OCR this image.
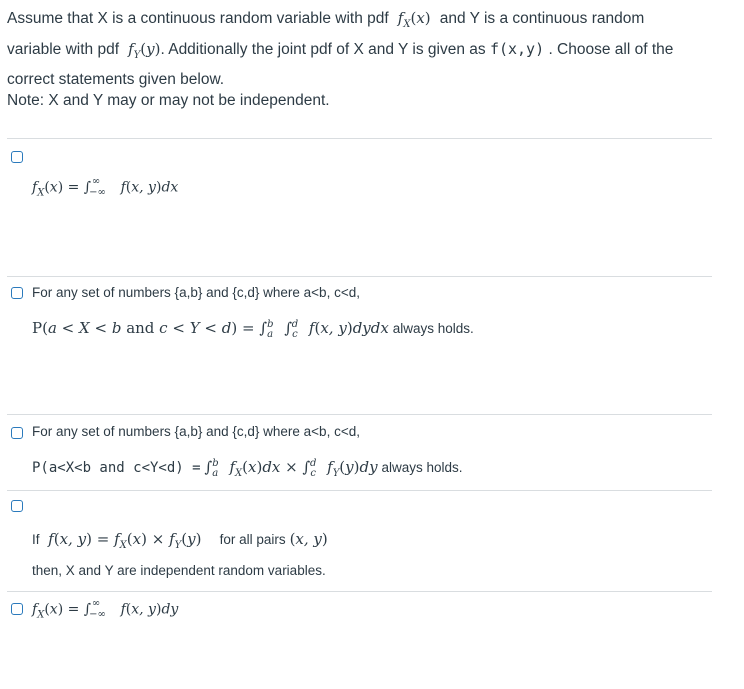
Assume that X is a continuous random variable with pdf  $f_X(x)$ and Y is a continuous random
variable with pdf  $f_Y(y)$. Additionally the joint pdf of X and Y is given as f(x,y) . Choose all of the
correct statements given below.
Note: X and Y may or may not be independent.
$f_X(x) = \int_{-\infty}^\infty$ f(x, y)dx
For any set of numbers {a,b} and {c,d} where a<b, c<d,
P(a < X < b and $c < Y < d) = \int_a^b$ $\int_c^d$ f(x, y)dydx always holds.
For any set of numbers {a,b} and {c,d} where a<b, c<d,
P(a<X<b and $c<Y<d) = \int_a^b$ $f_X(x)dx \times \int_c^d$ $f_Y(y)dy$ always holds.
If  f(x, $y) = f_X(x) \times f_Y(y)$ for all pairs (x, y)
then, X and Y are independent random variables.
$f_X(x) = \int_{-\infty}^\infty$ f(x, y)dy
